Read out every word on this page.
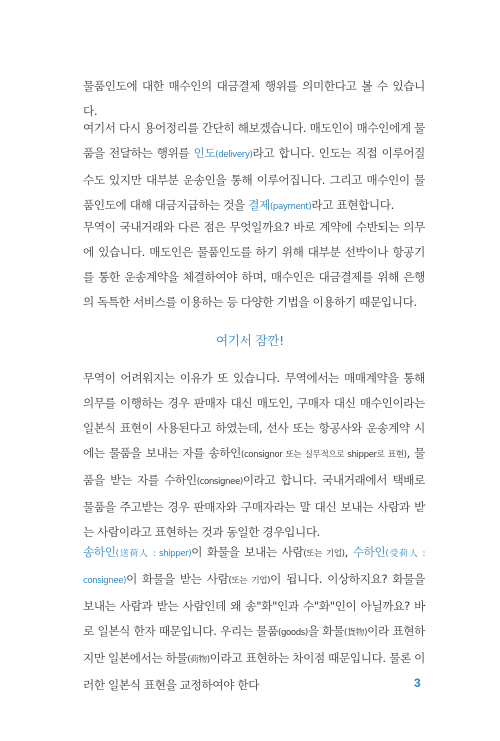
물품인도에 대한 매수인의 대금결제 행위를 의미한다고 볼 수 있습니다.

여기서 다시 용어정리를 간단히 해보겠습니다. 매도인이 매수인에게 물품을 전달하는 행위를 인도(delivery)라고 합니다. 인도는 직접 이루어질 수도 있지만 대부분 운송인을 통해 이루어집니다. 그리고 매수인이 물품인도에 대해 대금지급하는 것을 결제(payment)라고 표현합니다.

무역이 국내거래와 다른 점은 무엇일까요? 바로 계약에 수반되는 의무에 있습니다. 매도인은 물품인도를 하기 위해 대부분 선박이나 항공기를 통한 운송계약을 체결하여야 하며, 매수인은 대금결제를 위해 은행의 독특한 서비스를 이용하는 등 다양한 기법을 이용하기 때문입니다.

여기서 잠깐!

무역이 어려워지는 이유가 또 있습니다. 무역에서는 매매계약을 통해 의무를 이행하는 경우 판매자 대신 매도인, 구매자 대신 매수인이라는 일본식 표현이 사용된다고 하였는데, 선사 또는 항공사와 운송계약 시에는 물품을 보내는 자를 송하인(consignor 또는 실무적으로 shipper로 표현), 물품을 받는 자를 수하인(consignee)이라고 합니다. 국내거래에서 택배로 물품을 주고받는 경우 판매자와 구매자라는 말 대신 보내는 사람과 받는 사람이라고 표현하는 것과 동일한 경우입니다.

송하인(送荷人 : shipper)이 화물을 보내는 사람(또는 기업), 수하인(受荷人 : consignee)이 화물을 받는 사람(또는 기업)이 됩니다. 이상하지요? 화물을 보내는 사람과 받는 사람인데 왜 송"화"인과 수"화"인이 아닐까요? 바로 일본식 한자 때문입니다. 우리는 물품(goods)을 화물(貨物)이라 표현하지만 일본에서는 하물(荷物)이라고 표현하는 차이점 때문입니다. 물론 이러한 일본식 표현을 교정하여야 한다	3
